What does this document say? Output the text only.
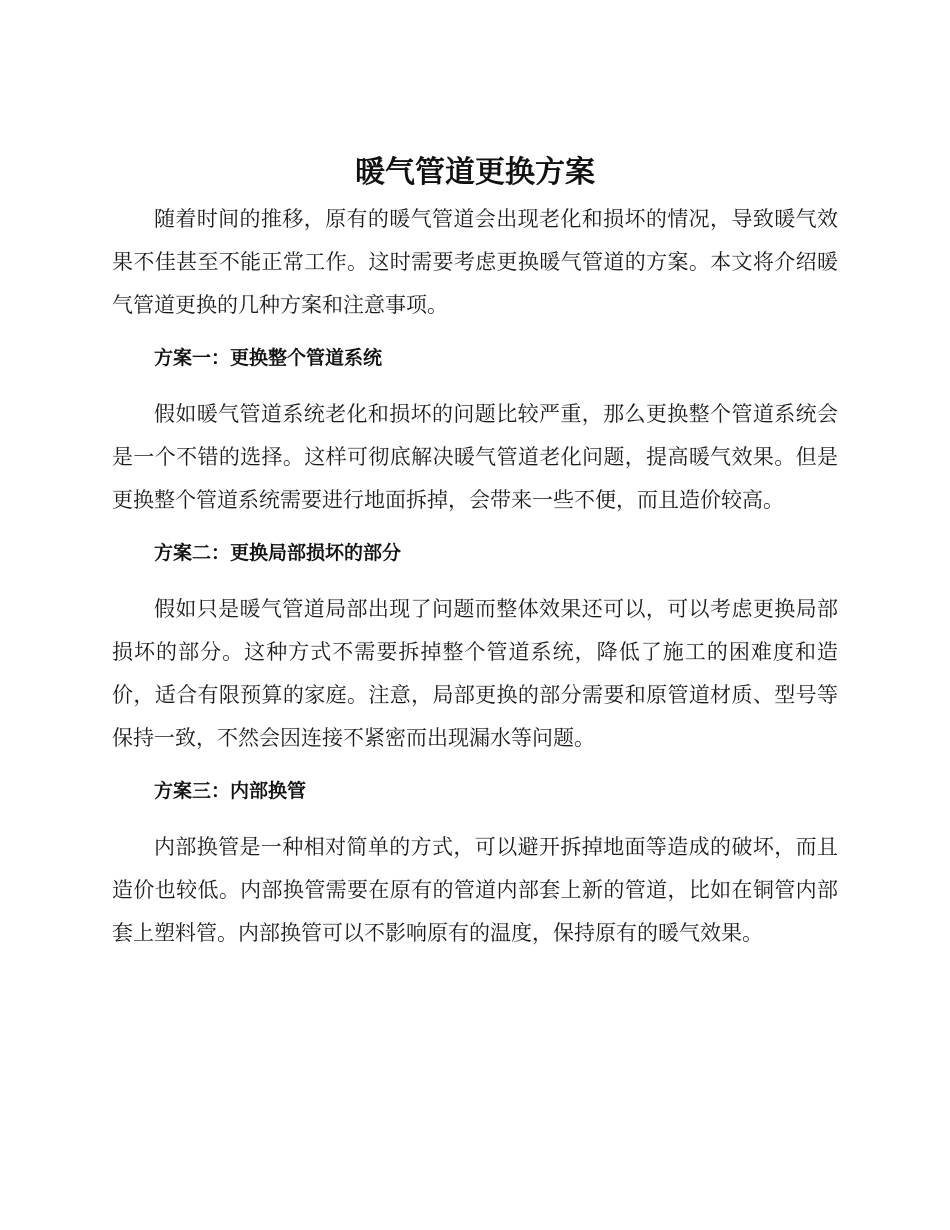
暖气管道更换方案

随着时间的推移，原有的暖气管道会出现老化和损坏的情况，导致暖气效果不佳甚至不能正常工作。这时需要考虑更换暖气管道的方案。本文将介绍暖气管道更换的几种方案和注意事项。

方案一：更换整个管道系统

假如暖气管道系统老化和损坏的问题比较严重，那么更换整个管道系统会是一个不错的选择。这样可彻底解决暖气管道老化问题，提高暖气效果。但是更换整个管道系统需要进行地面拆掉，会带来一些不便，而且造价较高。

方案二：更换局部损坏的部分

假如只是暖气管道局部出现了问题而整体效果还可以，可以考虑更换局部损坏的部分。这种方式不需要拆掉整个管道系统，降低了施工的困难度和造价，适合有限预算的家庭。注意，局部更换的部分需要和原管道材质、型号等保持一致，不然会因连接不紧密而出现漏水等问题。

方案三：内部换管

内部换管是一种相对简单的方式，可以避开拆掉地面等造成的破坏，而且造价也较低。内部换管需要在原有的管道内部套上新的管道，比如在铜管内部套上塑料管。内部换管可以不影响原有的温度，保持原有的暖气效果。
